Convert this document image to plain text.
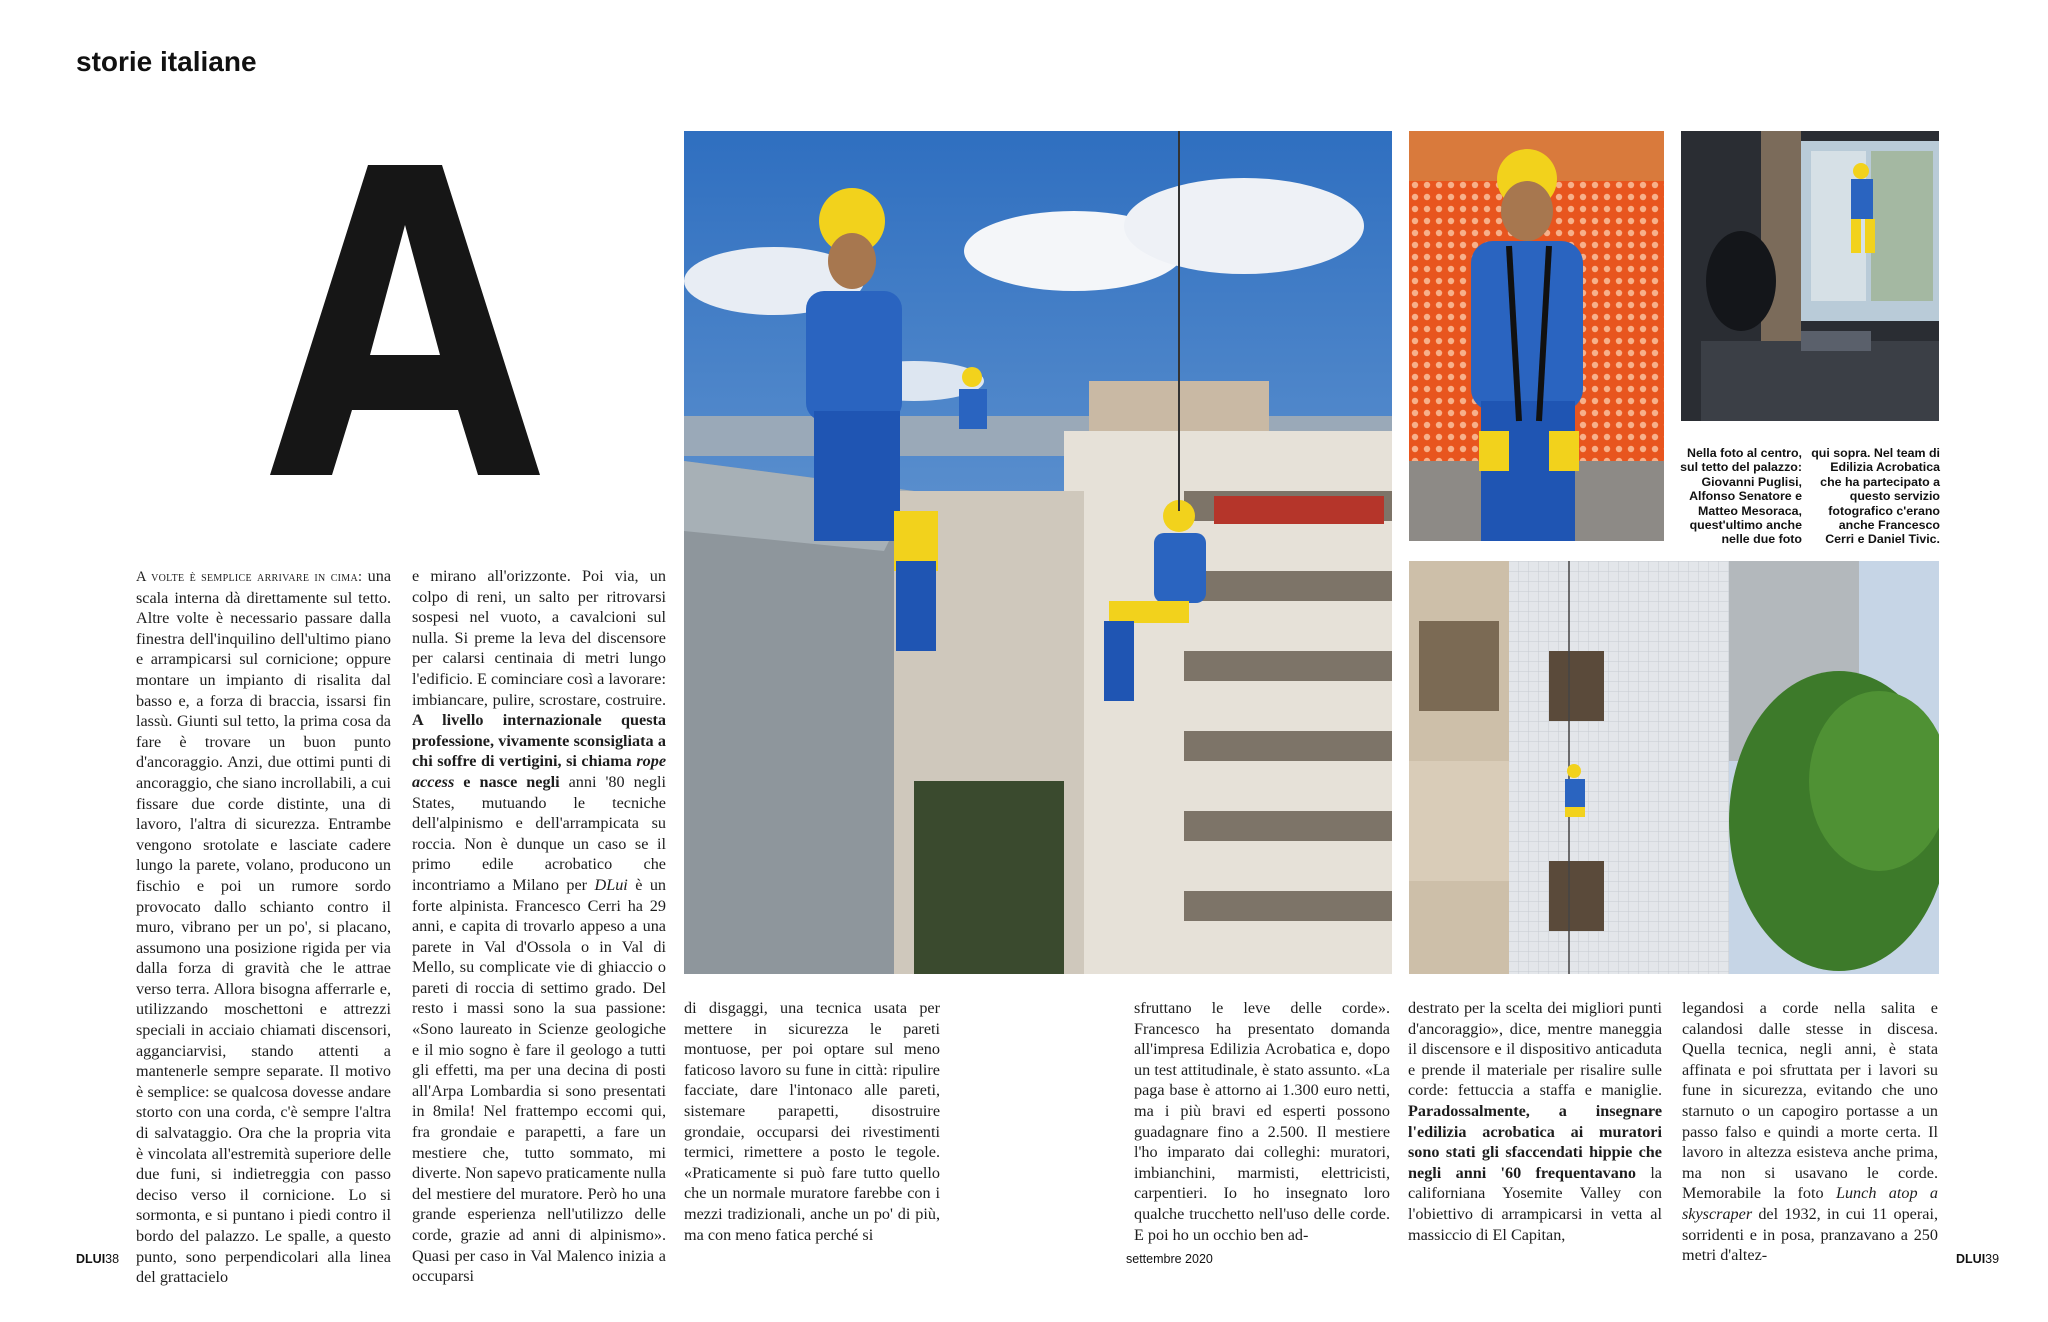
storie italiane

A volte è semplice arrivare in cima: una scala interna dà direttamente sul tetto. Altre volte è necessario passare dalla finestra dell'inquilino dell'ultimo piano e arrampicarsi sul cornicione; oppure montare un impianto di risalita dal basso e, a forza di braccia, issarsi fin lassù. Giunti sul tetto, la prima cosa da fare è trovare un buon punto d'ancoraggio. Anzi, due ottimi punti di ancoraggio, che siano incrollabili, a cui fissare due corde distinte, una di lavoro, l'altra di sicurezza. Entrambe vengono srotolate e lasciate cadere lungo la parete, volano, producono un fischio e poi un rumore sordo provocato dallo schianto contro il muro, vibrano per un po', si placano, assumono una posizione rigida per via dalla forza di gravità che le attrae verso terra. Allora bisogna afferrarle e, utilizzando moschettoni e attrezzi speciali in acciaio chiamati discensori, agganciarvisi, stando attenti a mantenerle sempre separate. Il motivo è semplice: se qualcosa dovesse andare storto con una corda, c'è sempre l'altra di salvataggio. Ora che la propria vita è vincolata all'estremità superiore delle due funi, si indietreggia con passo deciso verso il cornicione. Lo si sormonta, e si puntano i piedi contro il bordo del palazzo. Le spalle, a questo punto, sono perpendicolari alla linea del grattacielo

e mirano all'orizzonte. Poi via, un colpo di reni, un salto per ritrovarsi sospesi nel vuoto, a cavalcioni sul nulla. Si preme la leva del discensore per calarsi centinaia di metri lungo l'edificio. E cominciare così a lavorare: imbiancare, pulire, scrostare, costruire. A livello internazionale questa professione, vivamente sconsigliata a chi soffre di vertigini, si chiama rope access e nasce negli anni '80 negli States, mutuando le tecniche dell'alpinismo e dell'arrampicata su roccia. Non è dunque un caso se il primo edile acrobatico che incontriamo a Milano per DLui è un forte alpinista. Francesco Cerri ha 29 anni, e capita di trovarlo appeso a una parete in Val d'Ossola o in Val di Mello, su complicate vie di ghiaccio o pareti di roccia di settimo grado. Del resto i massi sono la sua passione: «Sono laureato in Scienze geologiche e il mio sogno è fare il geologo a tutti gli effetti, ma per una decina di posti all'Arpa Lombardia si sono presentati in 8mila! Nel frattempo eccomi qui, fra grondaie e parapetti, a fare un mestiere che, tutto sommato, mi diverte. Non sapevo praticamente nulla del mestiere del muratore. Però ho una grande esperienza nell'utilizzo delle corde, grazie ad anni di alpinismo». Quasi per caso in Val Malenco inizia a occuparsi

di disgaggi, una tecnica usata per mettere in sicurezza le pareti montuose, per poi optare sul meno faticoso lavoro su fune in città: ripulire facciate, dare l'intonaco alle pareti, sistemare parapetti, disostruire grondaie, occuparsi dei rivestimenti termici, rimettere a posto le tegole. «Praticamente si può fare tutto quello che un normale muratore farebbe con i mezzi tradizionali, anche un po' di più, ma con meno fatica perché si

sfruttano le leve delle corde». Francesco ha presentato domanda all'impresa Edilizia Acrobatica e, dopo un test attitudinale, è stato assunto. «La paga base è attorno ai 1.300 euro netti, ma i più bravi ed esperti possono guadagnare fino a 2.500. Il mestiere l'ho imparato dai colleghi: muratori, imbianchini, marmisti, elettricisti, carpentieri. Io ho insegnato loro qualche trucchetto nell'uso delle corde. E poi ho un occhio ben ad-

destrato per la scelta dei migliori punti d'ancoraggio», dice, mentre maneggia il discensore e il dispositivo anticaduta e prende il materiale per risalire sulle corde: fettuccia a staffa e maniglie. Paradossalmente, a insegnare l'edilizia acrobatica ai muratori sono stati gli sfaccendati hippie che negli anni '60 frequentavano la californiana Yosemite Valley con l'obiettivo di arrampicarsi in vetta al massiccio di El Capitan,

legandosi a corde nella salita e calandosi dalle stesse in discesa. Quella tecnica, negli anni, è stata affinata e poi sfruttata per i lavori su fune in sicurezza, evitando che uno starnuto o un capogiro portasse a un passo falso e quindi a morte certa. Il lavoro in altezza esisteva anche prima, ma non si usavano le corde. Memorabile la foto Lunch atop a skyscraper del 1932, in cui 11 operai, sorridenti e in posa, pranzavano a 250 metri d'altez-

Nella foto al centro, sul tetto del palazzo: Giovanni Puglisi, Alfonso Senatore e Matteo Mesoraca, quest'ultimo anche nelle due foto
qui sopra. Nel team di Edilizia Acrobatica che ha partecipato a questo servizio fotografico c'erano anche Francesco Cerri e Daniel Tivic.
DLUI38	settembre 2020	DLUI39
